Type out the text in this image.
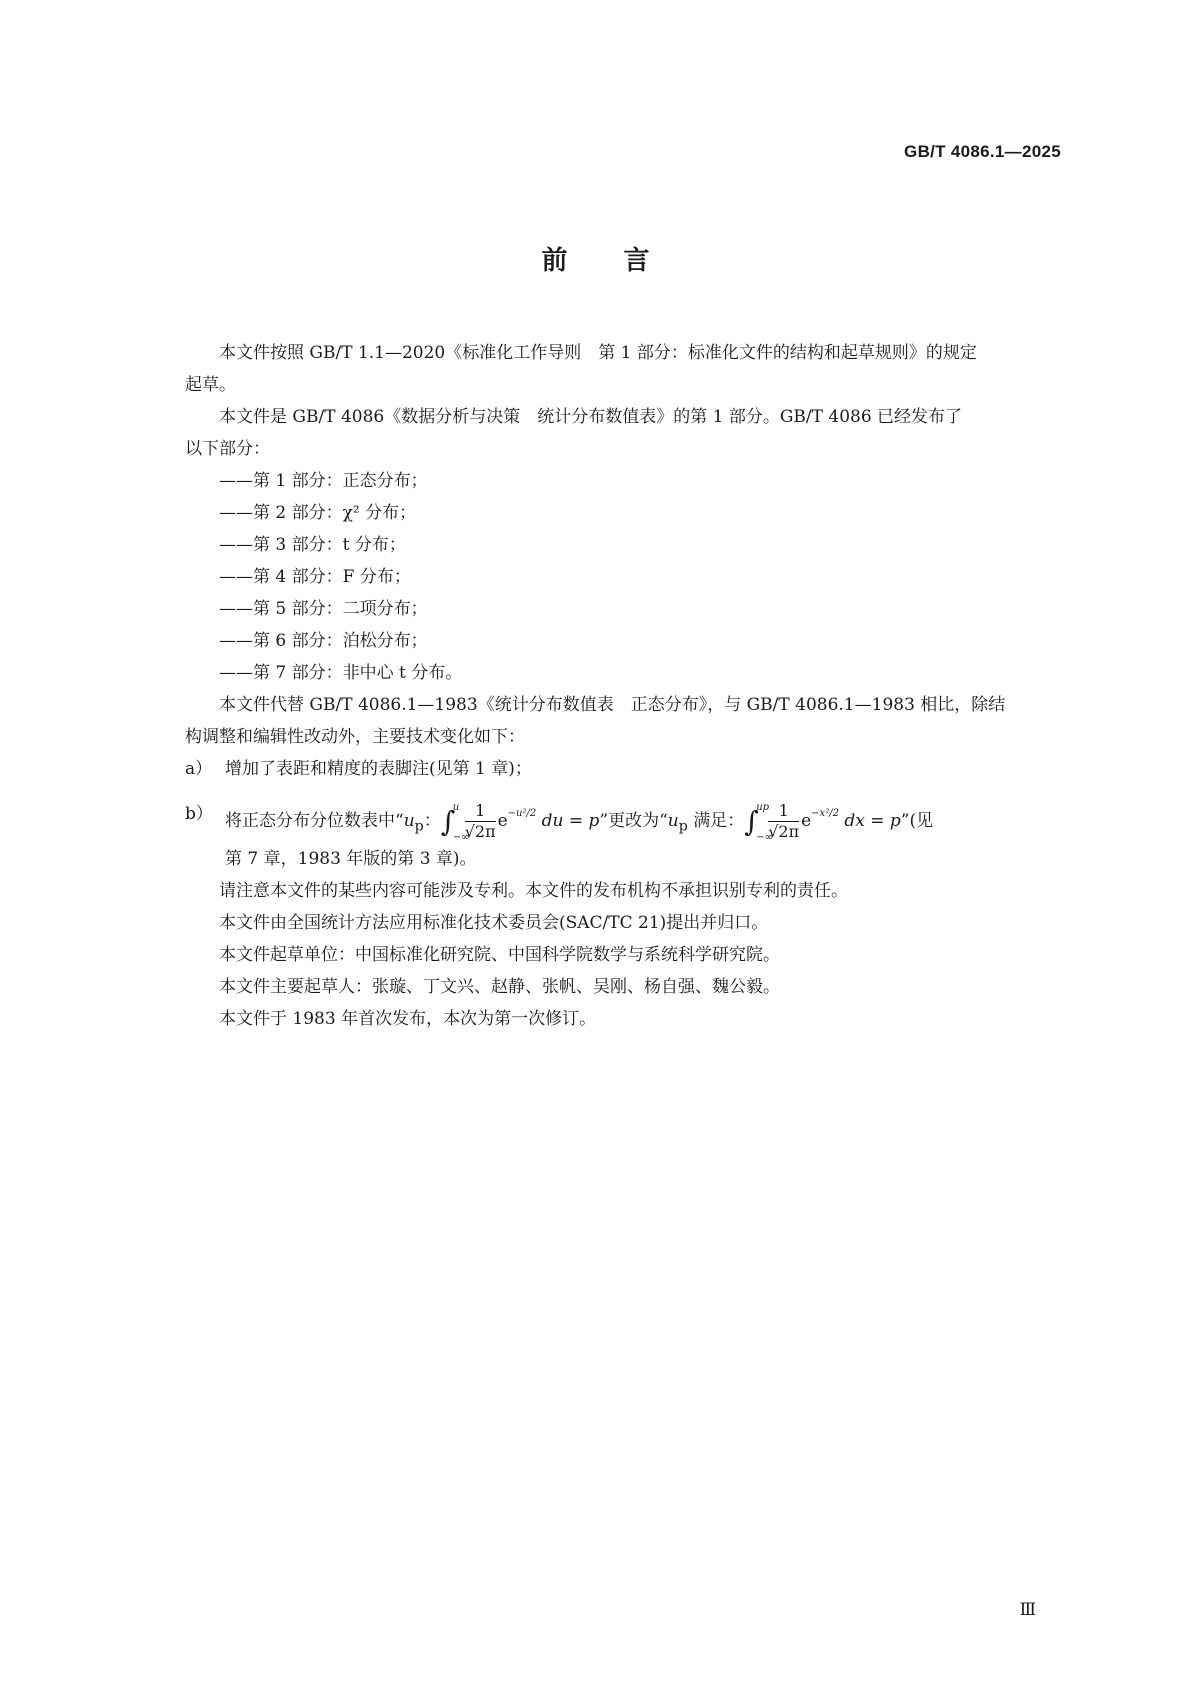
GB/T 4086.1—2025
前 言

本文件按照 GB/T 1.1—2020《标准化工作导则　第 1 部分：标准化文件的结构和起草规则》的规定

起草。

本文件是 GB/T 4086《数据分析与决策　统计分布数值表》的第 1 部分。GB/T 4086 已经发布了

以下部分：

——第 1 部分：正态分布；

——第 2 部分：χ² 分布；

——第 3 部分：t 分布；

——第 4 部分：F 分布；

——第 5 部分：二项分布；

——第 6 部分：泊松分布；

——第 7 部分：非中心 t 分布。

本文件代替 GB/T 4086.1—1983《统计分布数值表　正态分布》，与 GB/T 4086.1—1983 相比，除结

构调整和编辑性改动外，主要技术变化如下：

a） 增加了表距和精度的表脚注(见第 1 章)；

b） 将正态分布分位数表中“$u_p$：∫
u
−∞
$\frac{1}{√2\pi} e^{-u^2/2}$ du = p”更改为“$u_p$ 满足：∫
up
−∞
$\frac{1}{√2\pi} e^{-x^2/2}$ dx = p”(见

第 7 章，1983 年版的第 3 章)。

请注意本文件的某些内容可能涉及专利。本文件的发布机构不承担识别专利的责任。

本文件由全国统计方法应用标准化技术委员会(SAC/TC 21)提出并归口。

本文件起草单位：中国标准化研究院、中国科学院数学与系统科学研究院。

本文件主要起草人：张璇、丁文兴、赵静、张帆、吴刚、杨自强、魏公毅。

本文件于 1983 年首次发布，本次为第一次修订。

Ⅲ
